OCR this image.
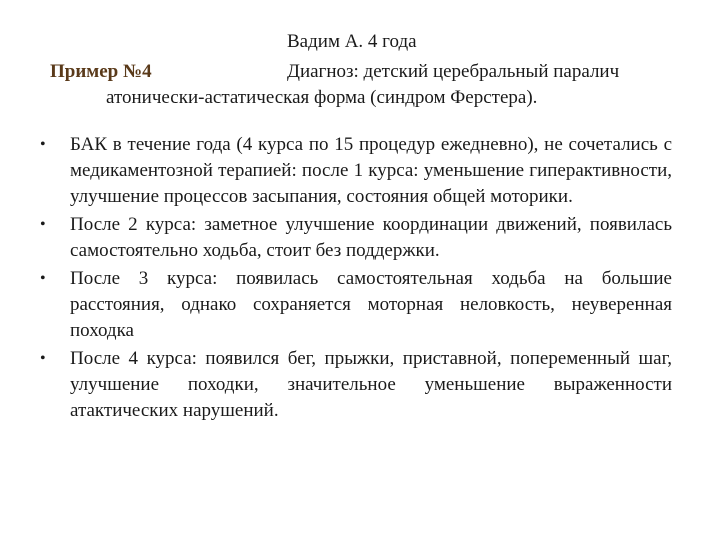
Вадим А. 4 года
Пример №4	Диагноз: детский церебральный паралич
атонически-астатическая форма (синдром Ферстера).
• БАК в течение года (4 курса по 15 процедур ежедневно), не сочетались с медикаментозной терапией: после 1 курса: уменьшение гиперактивности, улучшение процессов засыпания, состояния общей моторики.
• После 2 курса: заметное улучшение координации движений, появилась самостоятельно ходьба, стоит без поддержки.
• После 3 курса: появилась самостоятельная ходьба на большие расстояния, однако сохраняется моторная неловкость, неуверенная походка
• После 4 курса: появился бег, прыжки, приставной, попеременный шаг, улучшение походки, значительное уменьшение выраженности атактических нарушений.
